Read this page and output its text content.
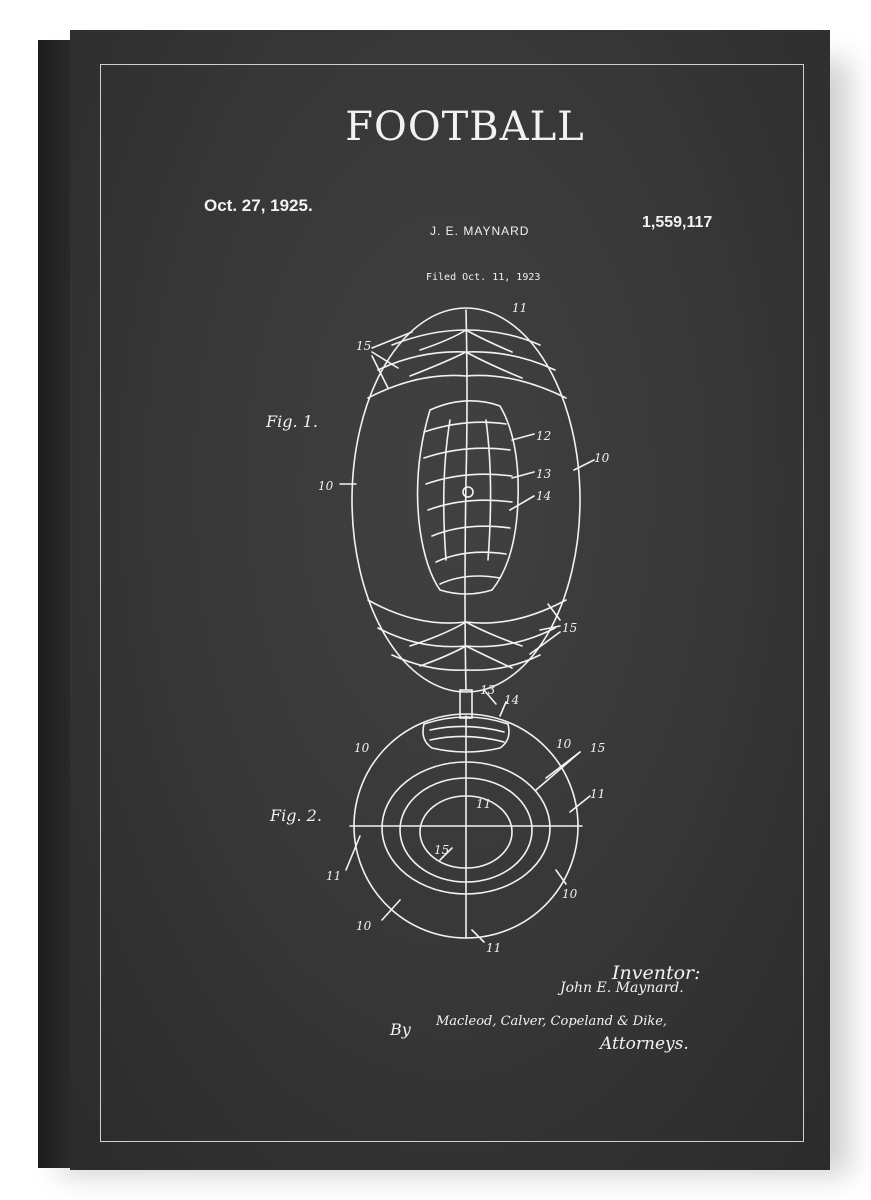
FOOTBALL
Oct. 27, 1925.
J. E. MAYNARD	1,559,117
Filed Oct. 11, 1923
Fig. 1.
Fig. 2.
11
15
10
10
12
13
14
15
13
14
10	10 15
11
11
15
11
10
10
11
Inventor:
John E. Maynard.
By Macleod, Calver, Copeland & Dike,
Attorneys.
